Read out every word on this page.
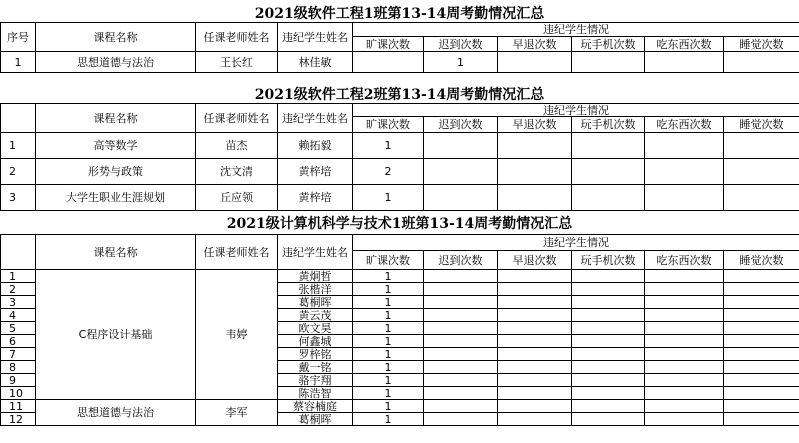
2021级软件工程1班第13-14周考勤情况汇总
序号	课程名称	任课老师姓名	违纪学生姓名	违纪学生情况					
				旷课次数	迟到次数	早退次数	玩手机次数	吃东西次数	睡觉次数
1	思想道德与法治	王长红	林佳敏		1				
2021级软件工程2班第13-14周考勤情况汇总
	课程名称	任课老师姓名	违纪学生姓名	违纪学生情况					
				旷课次数	迟到次数	早退次数	玩手机次数	吃东西次数	睡觉次数
1	高等数学	苗杰	赖拓毅	1					
2	形势与政策	沈文清	黄梓培	2					
3	大学生职业生涯规划	丘应领	黄梓培	1					
2021级计算机科学与技术1班第13-14周考勤情况汇总
	课程名称	任课老师姓名	违纪学生姓名	违纪学生情况					
				旷课次数	迟到次数	早退次数	玩手机次数	吃东西次数	睡觉次数
1	C程序设计基础	韦婷	黄炯哲	1					
2			张楷洋	1					
3			葛桐晖	1					
4			黄云茂	1					
5			欧文昊	1					
6			何鑫城	1					
7			罗梓铭	1					
8			戴一铭	1					
9			骆宇翔	1					
10			陈浩智	1					
11	思想道德与法治	李军	蔡容楠庭	1					
12			葛桐晖	1					
